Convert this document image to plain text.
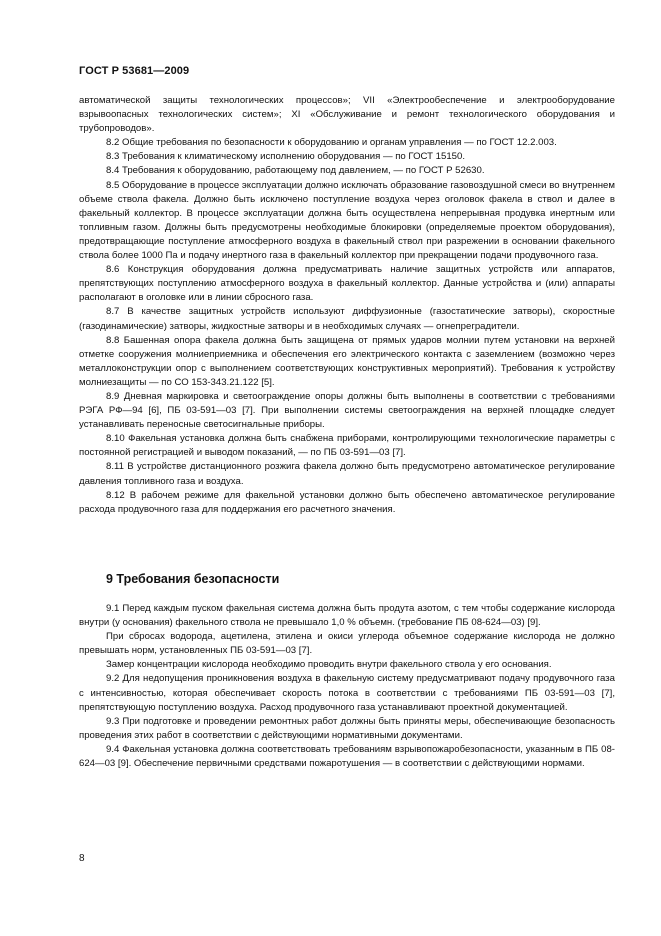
ГОСТ Р 53681—2009

автоматической защиты технологических процессов»; VII «Электрообеспечение и электрооборудование взрывоопасных технологических систем»; XI «Обслуживание и ремонт технологического оборудования и трубопроводов».

8.2 Общие требования по безопасности к оборудованию и органам управления — по ГОСТ 12.2.003.

8.3 Требования к климатическому исполнению оборудования — по ГОСТ 15150.

8.4 Требования к оборудованию, работающему под давлением, — по ГОСТ Р 52630.

8.5 Оборудование в процессе эксплуатации должно исключать образование газовоздушной смеси во внутреннем объеме ствола факела. Должно быть исключено поступление воздуха через оголовок факела в ствол и далее в факельный коллектор. В процессе эксплуатации должна быть осуществлена непрерывная продувка инертным или топливным газом. Должны быть предусмотрены необходимые блокировки (определяемые проектом оборудования), предотвращающие поступление атмосферного воздуха в факельный ствол при разрежении в основании факельного ствола более 1000 Па и подачу инертного газа в факельный коллектор при прекращении подачи продувочного газа.

8.6 Конструкция оборудования должна предусматривать наличие защитных устройств или аппаратов, препятствующих поступлению атмосферного воздуха в факельный коллектор. Данные устройства и (или) аппараты располагают в оголовке или в линии сбросного газа.

8.7 В качестве защитных устройств используют диффузионные (газостатические затворы), скоростные (газодинамические) затворы, жидкостные затворы и в необходимых случаях — огнепреградители.

8.8 Башенная опора факела должна быть защищена от прямых ударов молнии путем установки на верхней отметке сооружения молниеприемника и обеспечения его электрического контакта с заземлением (возможно через металлоконструкции опор с выполнением соответствующих конструктивных мероприятий). Требования к устройству молниезащиты — по СО 153-343.21.122 [5].

8.9 Дневная маркировка и светоограждение опоры должны быть выполнены в соответствии с требованиями РЭГА РФ—94 [6], ПБ 03-591—03 [7]. При выполнении системы светоограждения на верхней площадке следует устанавливать переносные светосигнальные приборы.

8.10 Факельная установка должна быть снабжена приборами, контролирующими технологические параметры с постоянной регистрацией и выводом показаний, — по ПБ 03-591—03 [7].

8.11 В устройстве дистанционного розжига факела должно быть предусмотрено автоматическое регулирование давления топливного газа и воздуха.

8.12 В рабочем режиме для факельной установки должно быть обеспечено автоматическое регулирование расхода продувочного газа для поддержания его расчетного значения.

9 Требования безопасности

9.1 Перед каждым пуском факельная система должна быть продута азотом, с тем чтобы содержание кислорода внутри (у основания) факельного ствола не превышало 1,0 % объемн. (требование ПБ 08-624—03) [9].

При сбросах водорода, ацетилена, этилена и окиси углерода объемное содержание кислорода не должно превышать норм, установленных ПБ 03-591—03 [7].

Замер концентрации кислорода необходимо проводить внутри факельного ствола у его основания.

9.2 Для недопущения проникновения воздуха в факельную систему предусматривают подачу продувочного газа с интенсивностью, которая обеспечивает скорость потока в соответствии с требованиями ПБ 03-591—03 [7], препятствующую поступлению воздуха. Расход продувочного газа устанавливают проектной документацией.

9.3 При подготовке и проведении ремонтных работ должны быть приняты меры, обеспечивающие безопасность проведения этих работ в соответствии с действующими нормативными документами.

9.4 Факельная установка должна соответствовать требованиям взрывопожаробезопасности, указанным в ПБ 08-624—03 [9]. Обеспечение первичными средствами пожаротушения — в соответствии с действующими нормами.

8
